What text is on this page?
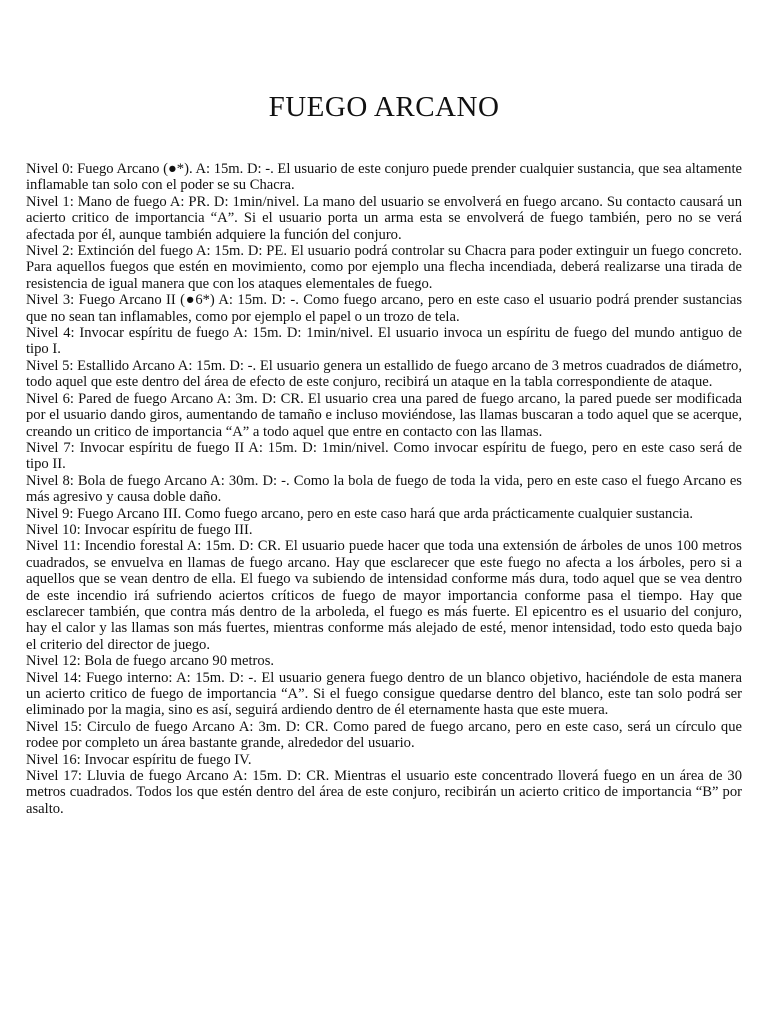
FUEGO ARCANO

Nivel 0: Fuego Arcano (●*). A: 15m. D: -. El usuario de este conjuro puede prender cualquier sustancia, que sea altamente inflamable tan solo con el poder se su Chacra.

Nivel 1: Mano de fuego A: PR. D: 1min/nivel. La mano del usuario se envolverá en fuego arcano. Su contacto causará un acierto critico de importancia “A”. Si el usuario porta un arma esta se envolverá de fuego también, pero no se verá afectada por él, aunque también adquiere la función del conjuro.

Nivel 2: Extinción del fuego A: 15m. D: PE. El usuario podrá controlar su Chacra para poder extinguir un fuego concreto. Para aquellos fuegos que estén en movimiento, como por ejemplo una flecha incendiada, deberá realizarse una tirada de resistencia de igual manera que con los ataques elementales de fuego.

Nivel 3: Fuego Arcano II (●6*) A: 15m. D: -. Como fuego arcano, pero en este caso el usuario podrá prender sustancias que no sean tan inflamables, como por ejemplo el papel o un trozo de tela.

Nivel 4: Invocar espíritu de fuego A: 15m. D: 1min/nivel. El usuario invoca un espíritu de fuego del mundo antiguo de tipo I.

Nivel 5: Estallido Arcano A: 15m. D: -. El usuario genera un estallido de fuego arcano de 3 metros cuadrados de diámetro, todo aquel que este dentro del área de efecto de este conjuro, recibirá un ataque en la tabla correspondiente de ataque.

Nivel 6: Pared de fuego Arcano A: 3m. D: CR. El usuario crea una pared de fuego arcano, la pared puede ser modificada por el usuario dando giros, aumentando de tamaño e incluso moviéndose, las llamas buscaran a todo aquel que se acerque, creando un critico de importancia “A” a todo aquel que entre en contacto con las llamas.

Nivel 7: Invocar espíritu de fuego II A: 15m. D: 1min/nivel. Como invocar espíritu de fuego, pero en este caso será de tipo II.

Nivel 8: Bola de fuego Arcano A: 30m. D: -. Como la bola de fuego de toda la vida, pero en este caso el fuego Arcano es más agresivo y causa doble daño.

Nivel 9: Fuego Arcano III. Como fuego arcano, pero en este caso hará que arda prácticamente cualquier sustancia.

Nivel 10: Invocar espíritu de fuego III.

Nivel 11: Incendio forestal A: 15m. D: CR. El usuario puede hacer que toda una extensión de árboles de unos 100 metros cuadrados, se envuelva en llamas de fuego arcano. Hay que esclarecer que este fuego no afecta a los árboles, pero si a aquellos que se vean dentro de ella. El fuego va subiendo de intensidad conforme más dura, todo aquel que se vea dentro de este incendio irá sufriendo aciertos críticos de fuego de mayor importancia conforme pasa el tiempo. Hay que esclarecer también, que contra más dentro de la arboleda, el fuego es más fuerte. El epicentro es el usuario del conjuro, hay el calor y las llamas son más fuertes, mientras conforme más alejado de esté, menor intensidad, todo esto queda bajo el criterio del director de juego.

Nivel 12: Bola de fuego arcano 90 metros.

Nivel 14: Fuego interno: A: 15m. D: -. El usuario genera fuego dentro de un blanco objetivo, haciéndole de esta manera un acierto critico de fuego de importancia “A”. Si el fuego consigue quedarse dentro del blanco, este tan solo podrá ser eliminado por la magia, sino es así, seguirá ardiendo dentro de él eternamente hasta que este muera.

Nivel 15: Circulo de fuego Arcano A: 3m. D: CR. Como pared de fuego arcano, pero en este caso, será un círculo que rodee por completo un área bastante grande, alrededor del usuario.

Nivel 16: Invocar espíritu de fuego IV.

Nivel 17: Lluvia de fuego Arcano A: 15m. D: CR. Mientras el usuario este concentrado lloverá fuego en un área de 30 metros cuadrados. Todos los que estén dentro del área de este conjuro, recibirán un acierto critico de importancia “B” por asalto.
